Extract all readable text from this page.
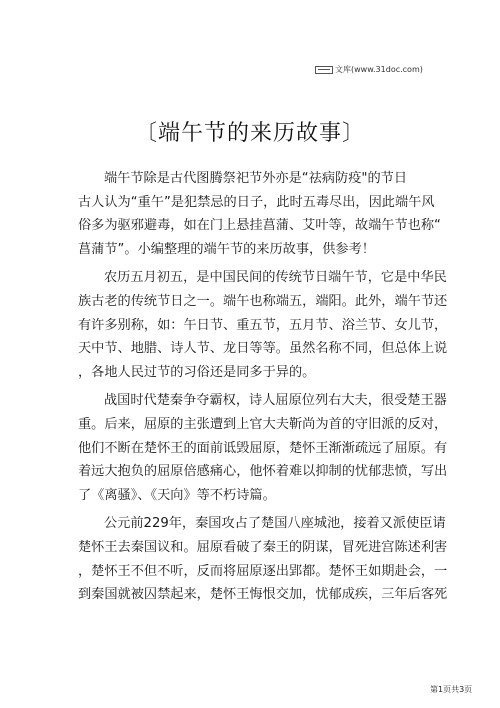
文库(www.31doc.com)
〔端午节的来历故事〕
端午节除是古代图腾祭祀节外亦是“祛病防疫"的节日
古人认为“重午”是犯禁忌的日子，此时五毒尽出，因此端午风
俗多为驱邪避毒，如在门上悬挂菖蒲、艾叶等，故端午节也称“
菖蒲节”。小编整理的端午节的来历故事，供参考！
农历五月初五，是中国民间的传统节日端午节，它是中华民
族古老的传统节日之一。端午也称端五，端阳。此外，端午节还
有许多别称，如：午日节、重五节，五月节、浴兰节、女儿节，
天中节、地腊、诗人节、龙日等等。虽然名称不同，但总体上说
，各地人民过节的习俗还是同多于异的。
战国时代楚秦争夺霸权，诗人屈原位列右大夫，很受楚王器
重。后来，屈原的主张遭到上官大夫靳尚为首的守旧派的反对，
他们不断在楚怀王的面前诋毁屈原，楚怀王渐渐疏远了屈原。有
着远大抱负的屈原倍感痛心，他怀着难以抑制的忧郁悲愤，写出
了《离骚》、《天向》等不朽诗篇。
公元前229年，秦国攻占了楚国八座城池，接着又派使臣请
楚怀王去秦国议和。屈原看破了秦王的阴谋，冒死进宫陈述利害
，楚怀王不但不听，反而将屈原逐出郢都。楚怀王如期赴会，一
到秦国就被囚禁起来，楚怀王悔恨交加，忧郁成疾，三年后客死
第1页共3页
